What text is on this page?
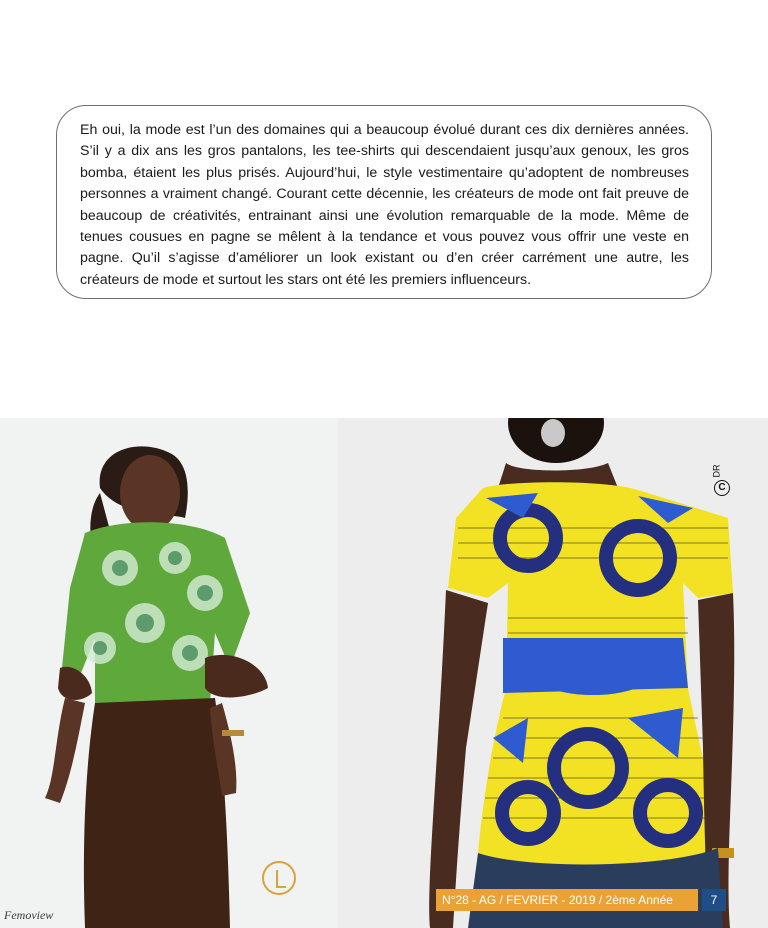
Eh oui, la mode est l’un des domaines qui a beaucoup évolué durant ces dix dernières années. S’il y a dix ans les gros pantalons, les tee-shirts qui descendaient jusqu’aux genoux, les gros bomba, étaient les plus prisés. Aujourd’hui, le style vestimentaire qu’adoptent de nombreuses personnes a vraiment changé. Courant cette décennie, les créateurs de mode ont fait preuve de beaucoup de créativités, entrainant ainsi une évolution remarquable de la mode. Même de tenues cousues en pagne se mêlent à la tendance et vous pouvez vous offrir une veste en pagne. Qu’il s’agisse d’améliorer un look existant ou d’en créer carrément une autre, les créateurs de mode et surtout les stars ont été les premiers influenceurs.
DR
C
Femoview
N°28 - AG / FEVRIER - 2019 / 2ème Année	7
